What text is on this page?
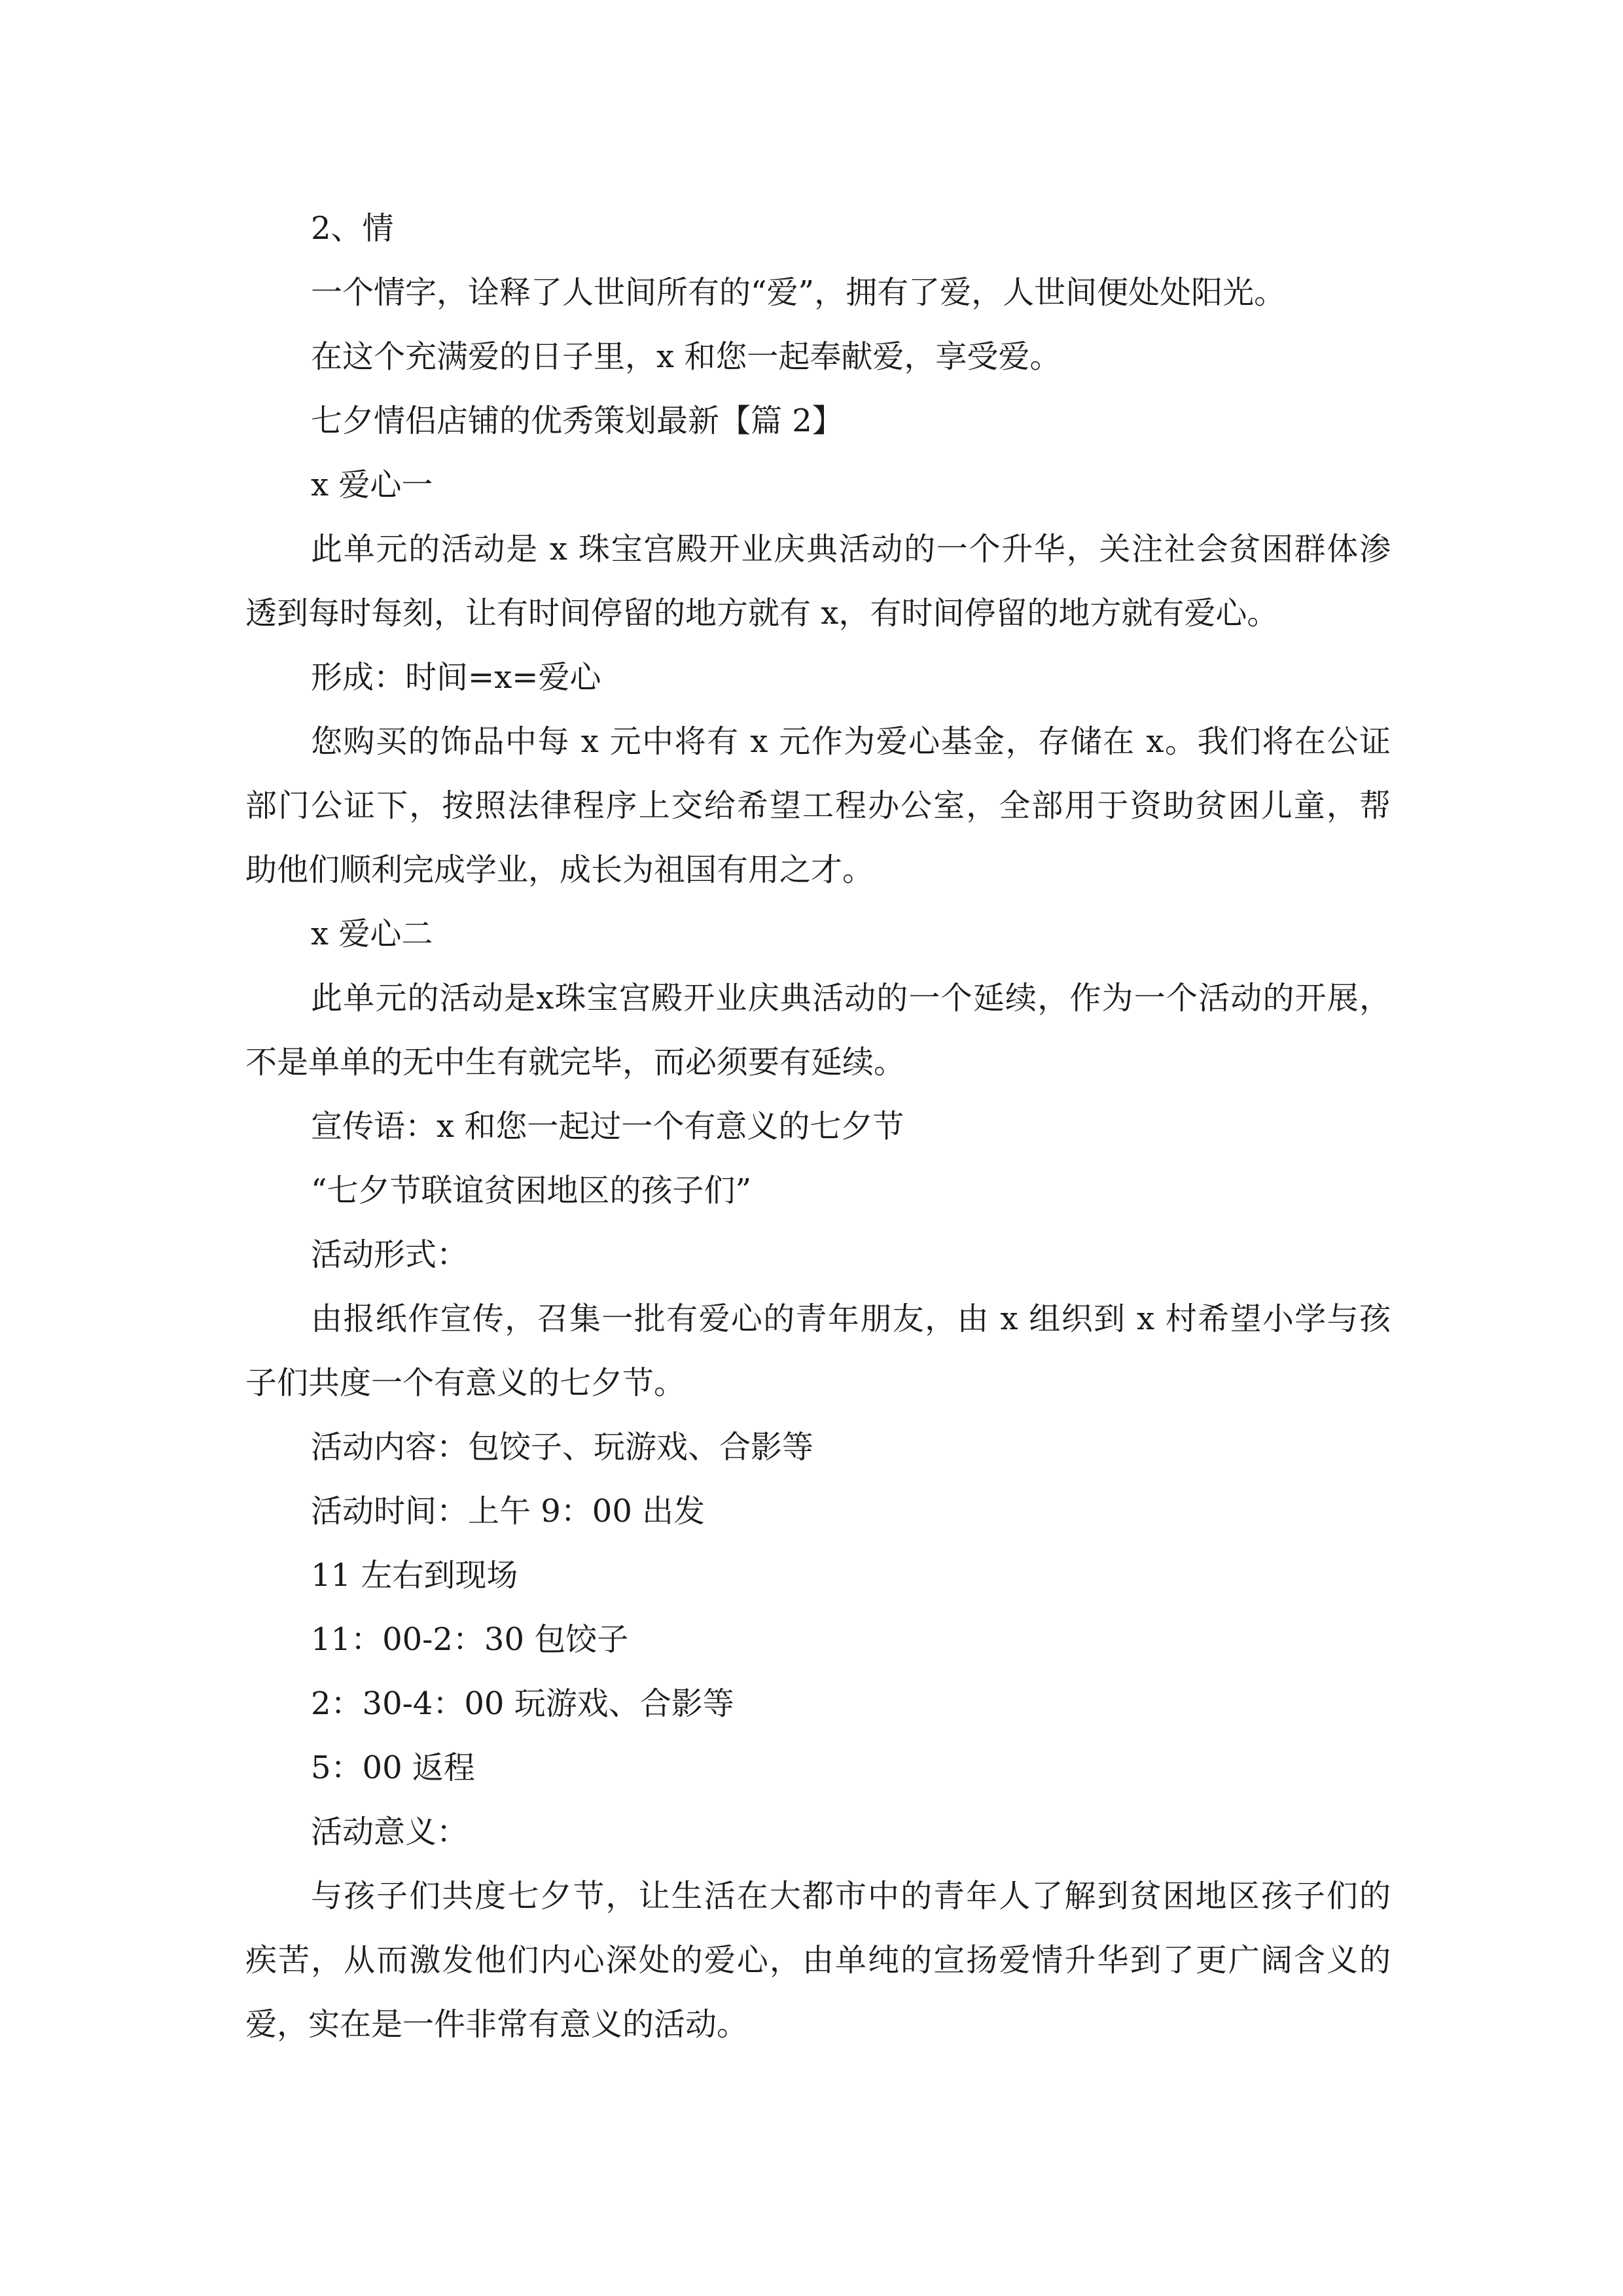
2、情
一个情字，诠释了人世间所有的“爱”，拥有了爱，人世间便处处阳光。
在这个充满爱的日子里，x 和您一起奉献爱，享受爱。
七夕情侣店铺的优秀策划最新【篇 2】
x 爱心一
此单元的活动是 x 珠宝宫殿开业庆典活动的一个升华，关注社会贫困群体渗
透到每时每刻，让有时间停留的地方就有 x，有时间停留的地方就有爱心。
形成：时间=x=爱心
您购买的饰品中每 x 元中将有 x 元作为爱心基金，存储在 x。我们将在公证
部门公证下，按照法律程序上交给希望工程办公室，全部用于资助贫困儿童，帮
助他们顺利完成学业，成长为祖国有用之才。
x 爱心二
此单元的活动是x珠宝宫殿开业庆典活动的一个延续，作为一个活动的开展，
不是单单的无中生有就完毕，而必须要有延续。
宣传语：x 和您一起过一个有意义的七夕节
“七夕节联谊贫困地区的孩子们”
活动形式：
由报纸作宣传，召集一批有爱心的青年朋友，由 x 组织到 x 村希望小学与孩
子们共度一个有意义的七夕节。
活动内容：包饺子、玩游戏、合影等
活动时间：上午 9：00 出发
11 左右到现场
11：00-2：30 包饺子
2：30-4：00 玩游戏、合影等
5：00 返程
活动意义：
与孩子们共度七夕节，让生活在大都市中的青年人了解到贫困地区孩子们的
疾苦，从而激发他们内心深处的爱心，由单纯的宣扬爱情升华到了更广阔含义的
爱，实在是一件非常有意义的活动。
